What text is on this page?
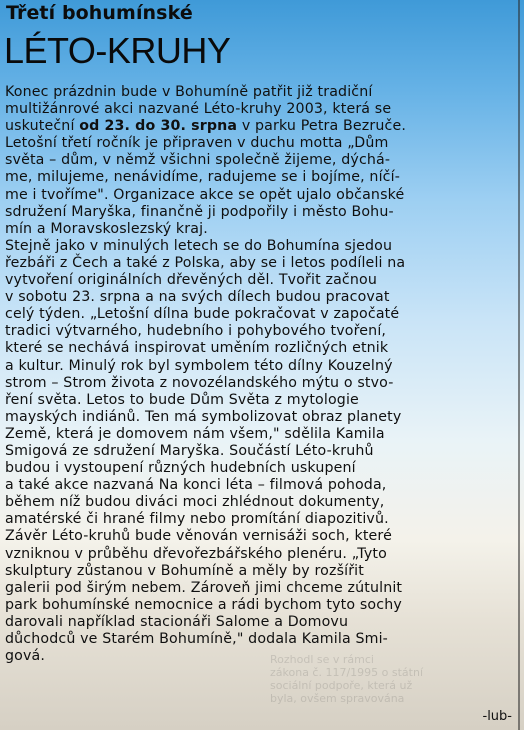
Rozhodl se v rámci
zákona č. 117/1995 o státní
sociální podpoře, která už
byla, ovšem spravována

Třetí bohumínské
LÉTO-KRUHY

Konec prázdnin bude v Bohumíně patřit již tradiční
multižánrové akci nazvané Léto-kruhy 2003, která se
uskuteční od 23. do 30. srpna v parku Petra Bezruče.
Letošní třetí ročník je připraven v duchu motta „Dům
světa – dům, v němž všichni společně žijeme, dýchá-
me, milujeme, nenávidíme, radujeme se i bojíme, níčí-
me i tvoříme". Organizace akce se opět ujalo občanské
sdružení Maryška, finančně ji podpořily i město Bohu-
mín a Moravskoslezský kraj.
Stejně jako v minulých letech se do Bohumína sjedou
řezbáři z Čech a také z Polska, aby se i letos podíleli na
vytvoření originálních dřevěných děl. Tvořit začnou
v sobotu 23. srpna a na svých dílech budou pracovat
celý týden. „Letošní dílna bude pokračovat v započaté
tradici výtvarného, hudebního i pohybového tvoření,
které se nechává inspirovat uměním rozličných etnik
a kultur. Minulý rok byl symbolem této dílny Kouzelný
strom – Strom života z novozélandského mýtu o stvo-
ření světa. Letos to bude Dům Světa z mytologie
mayských indiánů. Ten má symbolizovat obraz planety
Země, která je domovem nám všem," sdělila Kamila
Smigová ze sdružení Maryška. Součástí Léto-kruhů
budou i vystoupení různých hudebních uskupení
a také akce nazvaná Na konci léta – filmová pohoda,
během níž budou diváci moci zhlédnout dokumenty,
amatérské či hrané filmy nebo promítání diapozitivů.
Závěr Léto-kruhů bude věnován vernisáži soch, které
vzniknou v průběhu dřevořezbářského plenéru. „Tyto
skulptury zůstanou v Bohumíně a měly by rozšířit
galerii pod širým nebem. Zároveň jimi chceme zútulnit
park bohumínské nemocnice a rádi bychom tyto sochy
darovali například stacionáři Salome a Domovu
důchodců ve Starém Bohumíně," dodala Kamila Smi-
gová.

-lub-
